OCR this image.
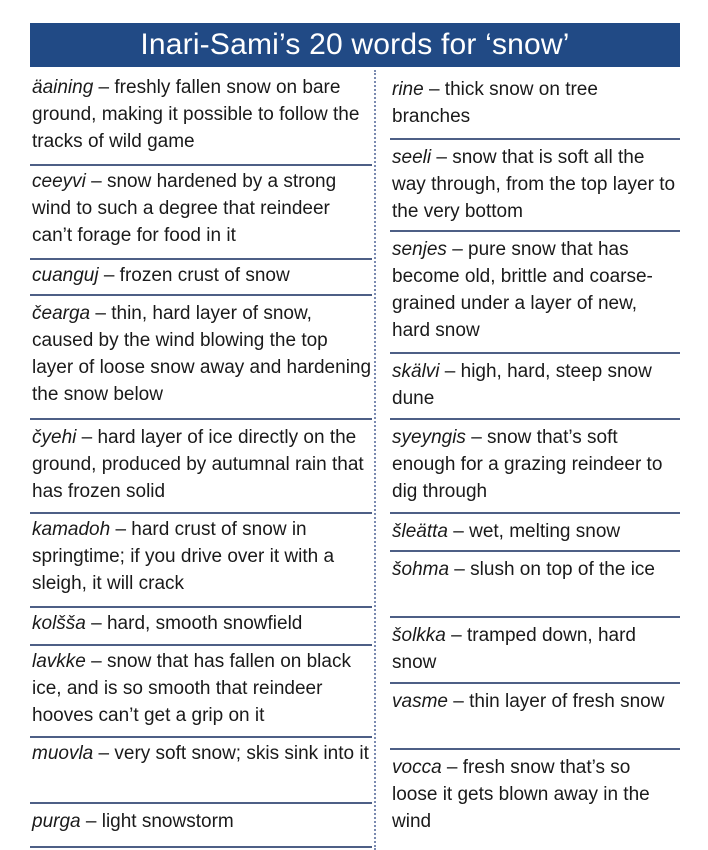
Inari-Sami’s 20 words for ‘snow’

äaining – freshly fallen snow on bare ground, making it possible to follow the tracks of wild game

ceeyvi – snow hardened by a strong wind to such a degree that reindeer can’t forage for food in it

cuanguj – frozen crust of snow

čearga – thin, hard layer of snow, caused by the wind blowing the top layer of loose snow away and hardening the snow below

čyehi – hard layer of ice directly on the ground, produced by autumnal rain that has frozen solid

kamadoh – hard crust of snow in springtime; if you drive over it with a sleigh, it will crack

kolšša – hard, smooth snowfield

lavkke – snow that has fallen on black ice, and is so smooth that reindeer hooves can’t get a grip on it

muovla – very soft snow; skis sink into it

purga – light snowstorm

rine – thick snow on tree branches

seeli – snow that is soft all the way through, from the top layer to the very bottom

senjes – pure snow that has become old, brittle and coarse-grained under a layer of new, hard snow

skälvi – high, hard, steep snow dune

syeyngis – snow that’s soft enough for a grazing reindeer to dig through

šleätta – wet, melting snow

šohma – slush on top of the ice

šolkka – tramped down, hard snow

vasme – thin layer of fresh snow

vocca – fresh snow that’s so loose it gets blown away in the wind
